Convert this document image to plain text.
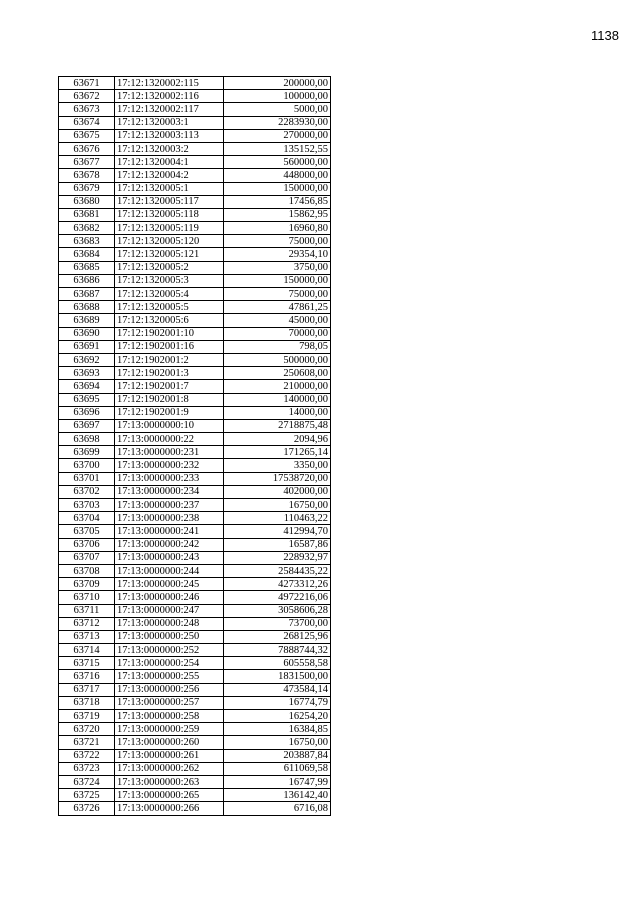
1138
63671	17:12:1320002:115	200000,00
63672	17:12:1320002:116	100000,00
63673	17:12:1320002:117	5000,00
63674	17:12:1320003:1	2283930,00
63675	17:12:1320003:113	270000,00
63676	17:12:1320003:2	135152,55
63677	17:12:1320004:1	560000,00
63678	17:12:1320004:2	448000,00
63679	17:12:1320005:1	150000,00
63680	17:12:1320005:117	17456,85
63681	17:12:1320005:118	15862,95
63682	17:12:1320005:119	16960,80
63683	17:12:1320005:120	75000,00
63684	17:12:1320005:121	29354,10
63685	17:12:1320005:2	3750,00
63686	17:12:1320005:3	150000,00
63687	17:12:1320005:4	75000,00
63688	17:12:1320005:5	47861,25
63689	17:12:1320005:6	45000,00
63690	17:12:1902001:10	70000,00
63691	17:12:1902001:16	798,05
63692	17:12:1902001:2	500000,00
63693	17:12:1902001:3	250608,00
63694	17:12:1902001:7	210000,00
63695	17:12:1902001:8	140000,00
63696	17:12:1902001:9	14000,00
63697	17:13:0000000:10	2718875,48
63698	17:13:0000000:22	2094,96
63699	17:13:0000000:231	171265,14
63700	17:13:0000000:232	3350,00
63701	17:13:0000000:233	17538720,00
63702	17:13:0000000:234	402000,00
63703	17:13:0000000:237	16750,00
63704	17:13:0000000:238	110463,22
63705	17:13:0000000:241	412994,70
63706	17:13:0000000:242	16587,86
63707	17:13:0000000:243	228932,97
63708	17:13:0000000:244	2584435,22
63709	17:13:0000000:245	4273312,26
63710	17:13:0000000:246	4972216,06
63711	17:13:0000000:247	3058606,28
63712	17:13:0000000:248	73700,00
63713	17:13:0000000:250	268125,96
63714	17:13:0000000:252	7888744,32
63715	17:13:0000000:254	605558,58
63716	17:13:0000000:255	1831500,00
63717	17:13:0000000:256	473584,14
63718	17:13:0000000:257	16774,79
63719	17:13:0000000:258	16254,20
63720	17:13:0000000:259	16384,85
63721	17:13:0000000:260	16750,00
63722	17:13:0000000:261	203887,84
63723	17:13:0000000:262	611069,58
63724	17:13:0000000:263	16747,99
63725	17:13:0000000:265	136142,40
63726	17:13:0000000:266	6716,08
